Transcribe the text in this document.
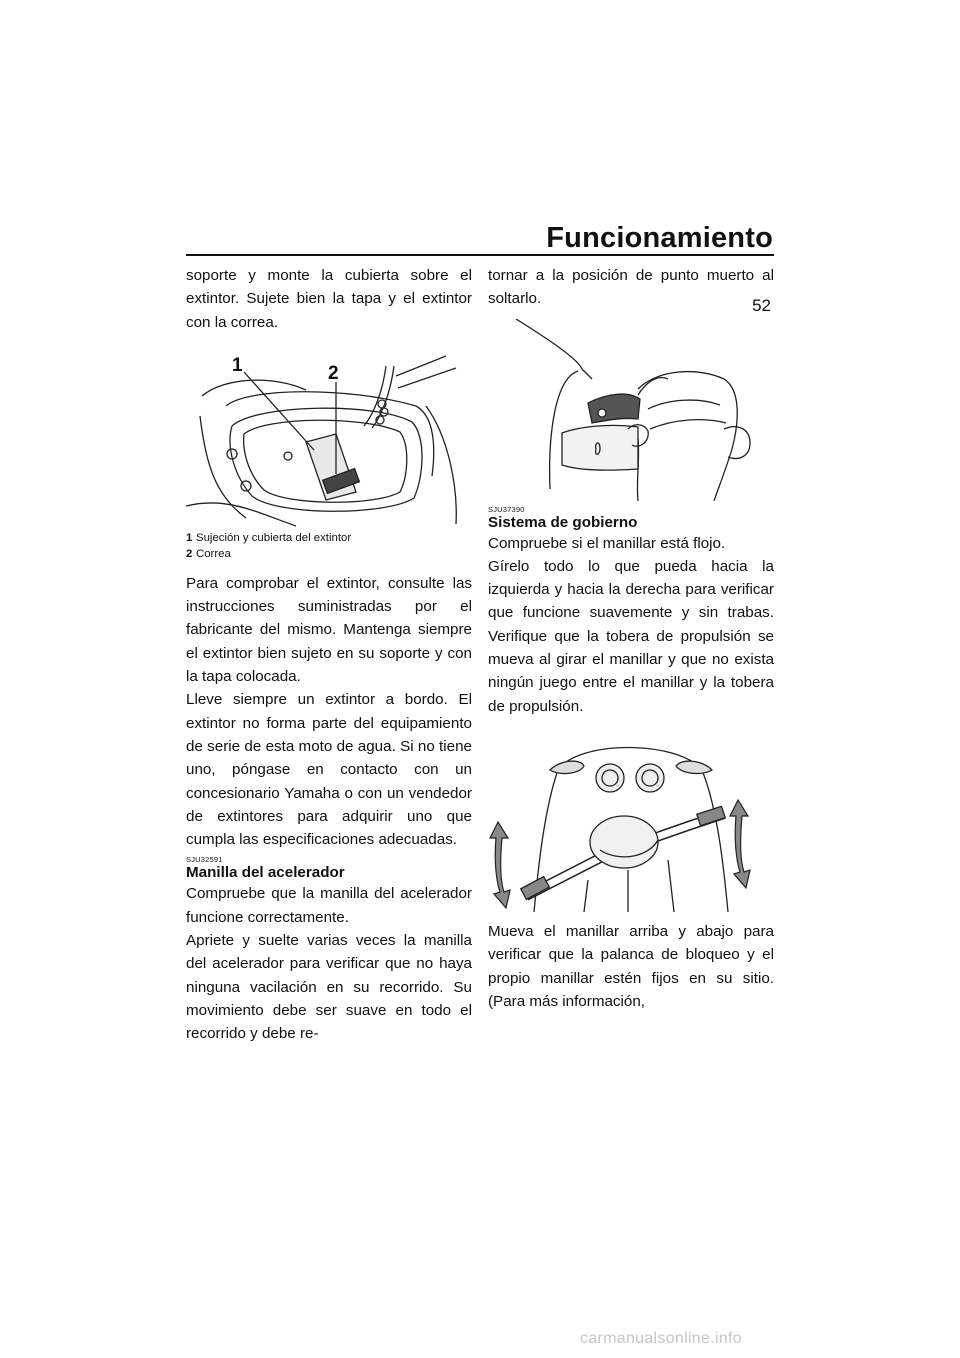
Funcionamiento
52

soporte y monte la cubierta sobre el extintor. Sujete bien la tapa y el extintor con la correa.

1	2
1 Sujeción y cubierta del extintor
2 Correa

Para comprobar el extintor, consulte las instrucciones suministradas por el fabricante del mismo. Mantenga siempre el extintor bien sujeto en su soporte y con la tapa colocada.

Lleve siempre un extintor a bordo. El extintor no forma parte del equipamiento de serie de esta moto de agua. Si no tiene uno, póngase en contacto con un concesionario Yamaha o con un vendedor de extintores para adquirir uno que cumpla las especificaciones adecuadas.

SJU32591
Manilla del acelerador

Compruebe que la manilla del acelerador funcione correctamente.

Apriete y suelte varias veces la manilla del acelerador para verificar que no haya ninguna vacilación en su recorrido. Su movimiento debe ser suave en todo el recorrido y debe re-

tornar a la posición de punto muerto al soltarlo.

SJU37390
Sistema de gobierno

Compruebe si el manillar está flojo.

Gírelo todo lo que pueda hacia la izquierda y hacia la derecha para verificar que funcione suavemente y sin trabas. Verifique que la tobera de propulsión se mueva al girar el manillar y que no exista ningún juego entre el manillar y la tobera de propulsión.

Mueva el manillar arriba y abajo para verificar que la palanca de bloqueo y el propio manillar estén fijos en su sitio. (Para más información,

carmanualsonline.info
